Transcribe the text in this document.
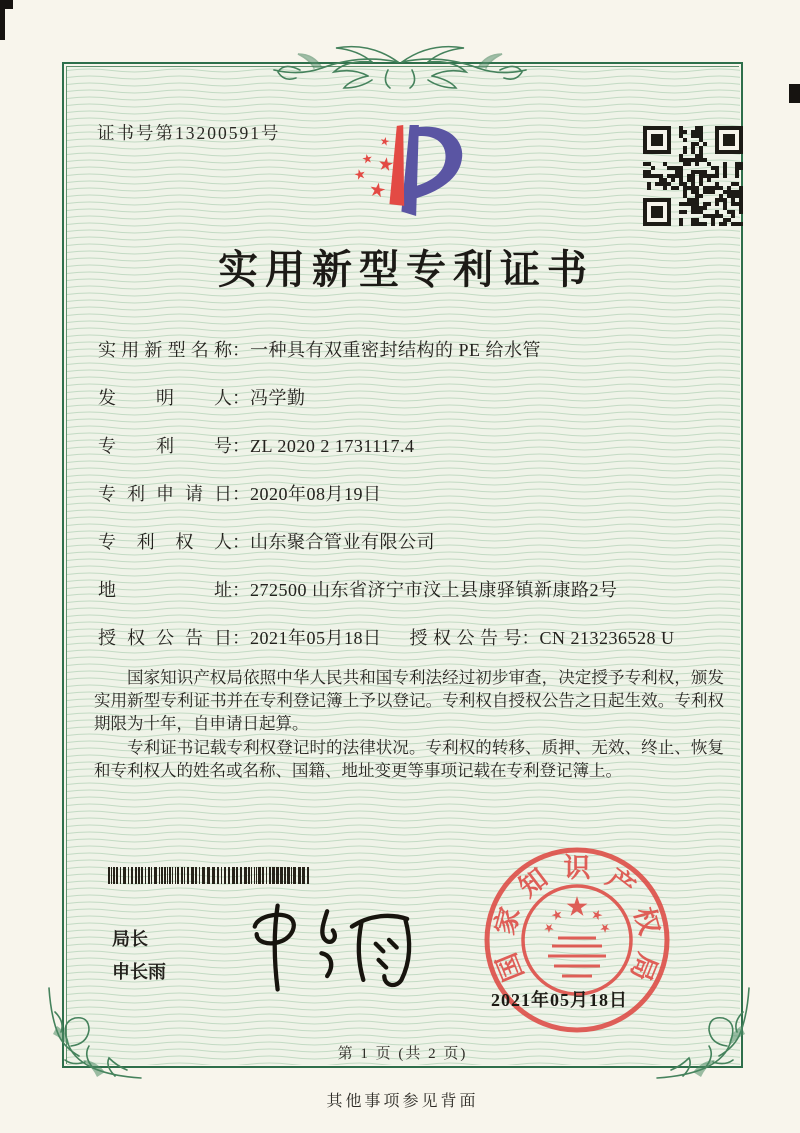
证书号第13200591号
实用新型专利证书
实用新型名称 ： 一种具有双重密封结构的 PE 给水管
发明人 ： 冯学勤
专利号 ： ZL 2020 2 1731117.4
专利申请日 ： 2020年08月19日
专利权人 ： 山东聚合管业有限公司
地址 ： 272500 山东省济宁市汶上县康驿镇新康路2号
授权公告日 ： 2021年05月18日 授权公告号 ： CN 213236528 U

国家知识产权局依照中华人民共和国专利法经过初步审查，决定授予专利权，颁发实用新型专利证书并在专利登记簿上予以登记。专利权自授权公告之日起生效。专利权期限为十年，自申请日起算。

专利证书记载专利权登记时的法律状况。专利权的转移、质押、无效、终止、恢复和专利权人的姓名或名称、国籍、地址变更等事项记载在专利登记簿上。

局长
申长雨	国
家
知 识 产
权
局
2021年05月18日
第 1 页 (共 2 页)
其他事项参见背面
